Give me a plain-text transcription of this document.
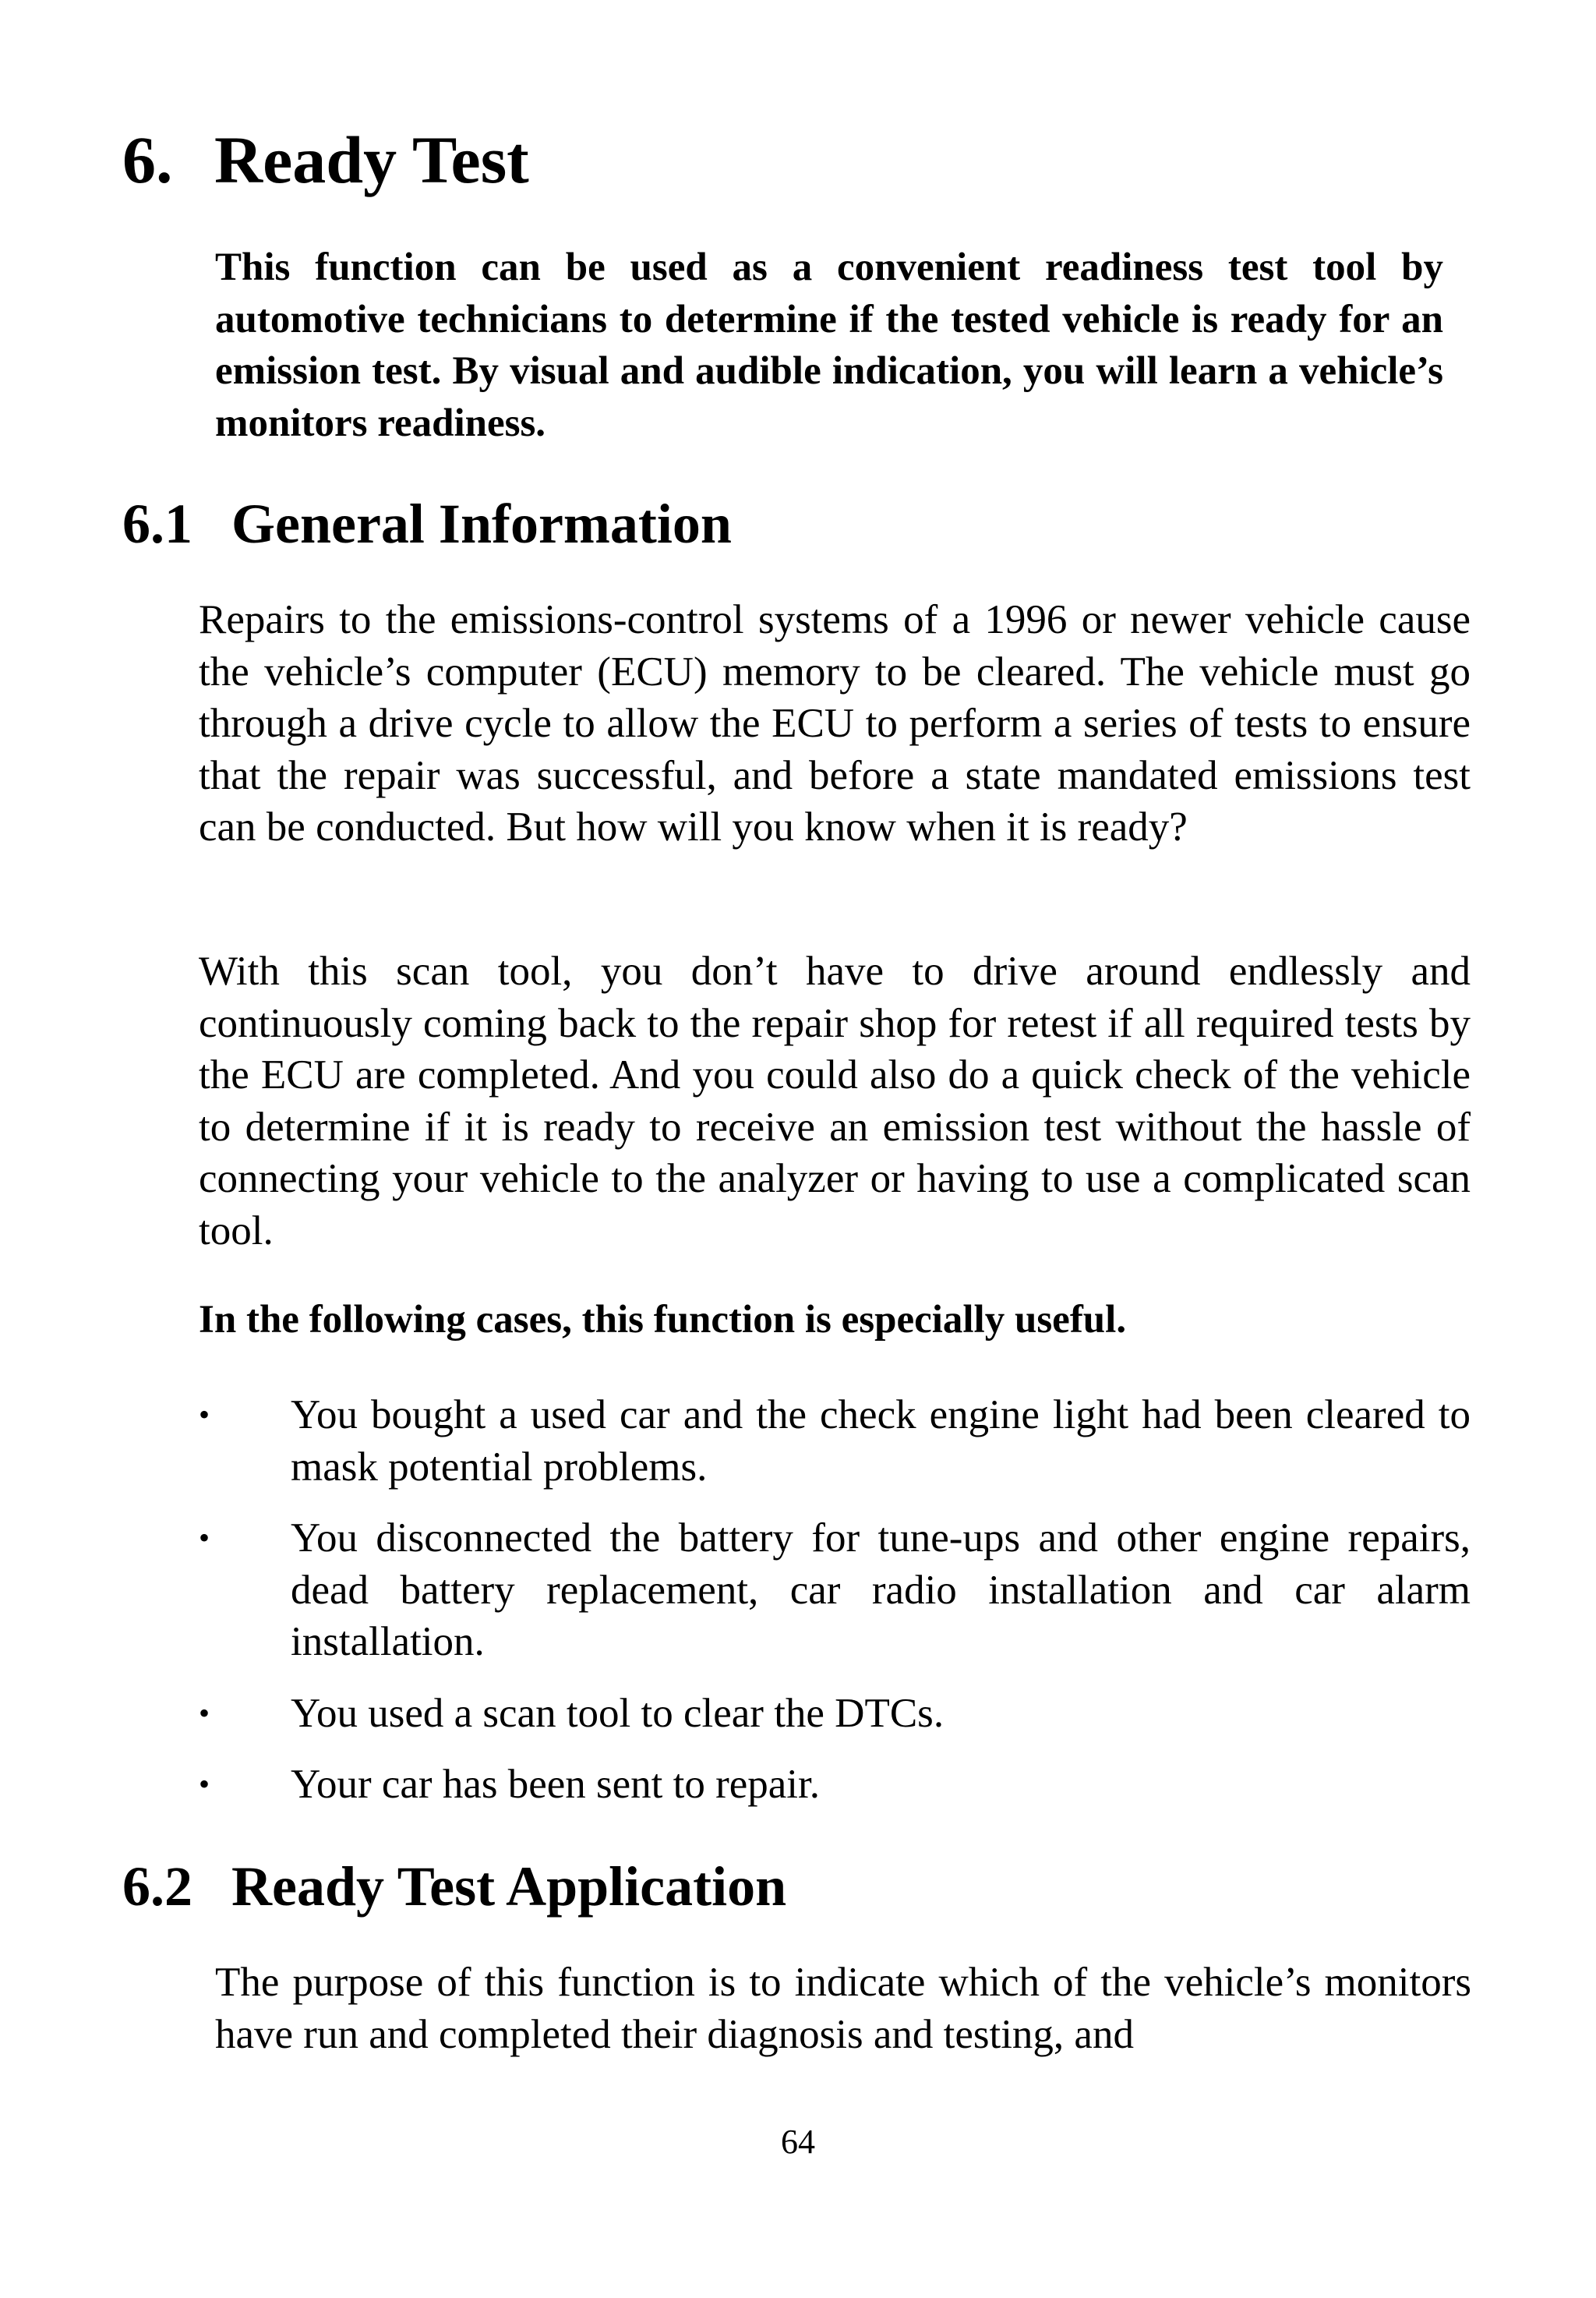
6. Ready Test

This function can be used as a convenient readiness test tool by automotive technicians to determine if the tested vehicle is ready for an emission test. By visual and audible indication, you will learn a vehicle’s monitors readiness.

6.1 General Information

Repairs to the emissions-control systems of a 1996 or newer vehicle cause the vehicle’s computer (ECU) memory to be cleared. The vehicle must go through a drive cycle to allow the ECU to perform a series of tests to ensure that the repair was successful, and before a state mandated emissions test can be conducted. But how will you know when it is ready?

With this scan tool, you don’t have to drive around endlessly and continuously coming back to the repair shop for retest if all required tests by the ECU are completed. And you could also do a quick check of the vehicle to determine if it is ready to receive an emission test without the hassle of connecting your vehicle to the analyzer or having to use a complicated scan tool.

In the following cases, this function is especially useful.

•	You bought a used car and the check engine light had been cleared to mask potential problems.

•	You disconnected the battery for tune-ups and other engine repairs, dead battery replacement, car radio installation and car alarm installation.

•	You used a scan tool to clear the DTCs.

•	Your car has been sent to repair.

6.2 Ready Test Application

The purpose of this function is to indicate which of the vehicle’s monitors have run and completed their diagnosis and testing, and

64
